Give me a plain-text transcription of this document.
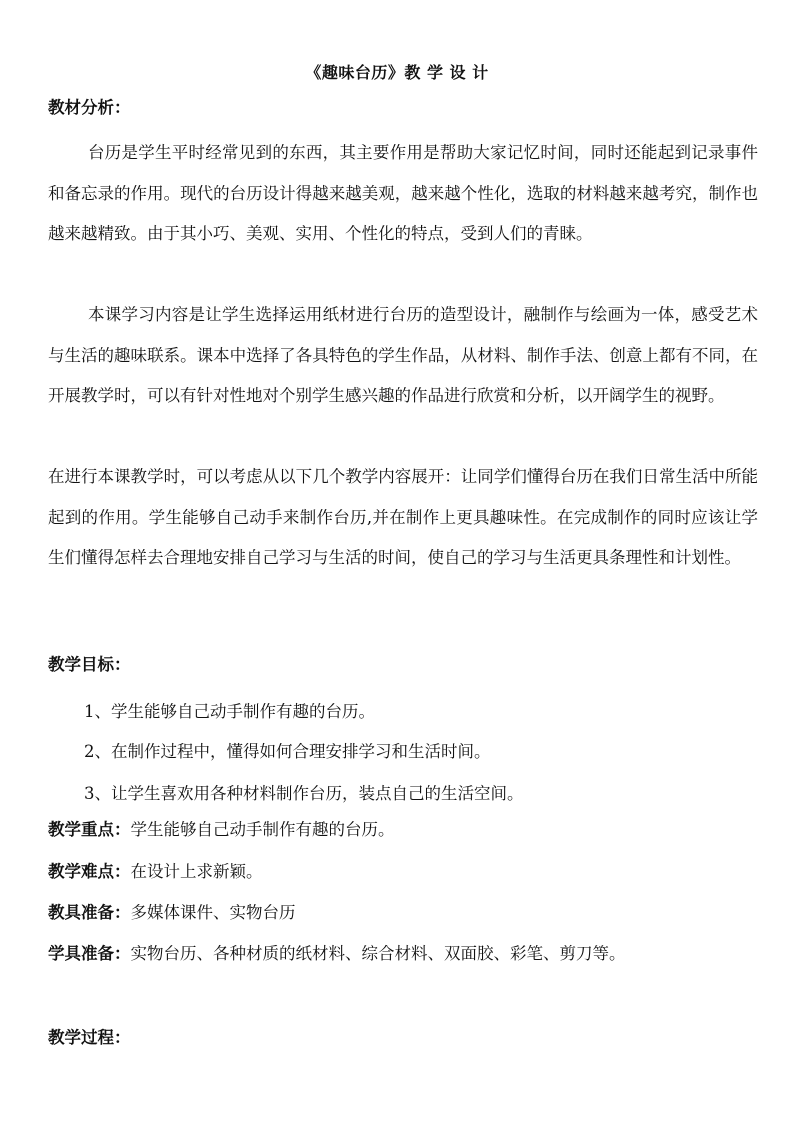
《趣味台历》教 学 设 计
教材分析：
台历是学生平时经常见到的东西，其主要作用是帮助大家记忆时间，同时还能起到记录事件和备忘录的作用。现代的台历设计得越来越美观，越来越个性化，选取的材料越来越考究，制作也越来越精致。由于其小巧、美观、实用、个性化的特点，受到人们的青睐。
本课学习内容是让学生选择运用纸材进行台历的造型设计，融制作与绘画为一体，感受艺术与生活的趣味联系。课本中选择了各具特色的学生作品，从材料、制作手法、创意上都有不同，在开展教学时，可以有针对性地对个别学生感兴趣的作品进行欣赏和分析，以开阔学生的视野。
在进行本课教学时，可以考虑从以下几个教学内容展开：让同学们懂得台历在我们日常生活中所能起到的作用。学生能够自己动手来制作台历,并在制作上更具趣味性。在完成制作的同时应该让学生们懂得怎样去合理地安排自己学习与生活的时间，使自己的学习与生活更具条理性和计划性。
教学目标：
1、学生能够自己动手制作有趣的台历。
2、在制作过程中，懂得如何合理安排学习和生活时间。
3、让学生喜欢用各种材料制作台历，装点自己的生活空间。
教学重点：学生能够自己动手制作有趣的台历。
教学难点：在设计上求新颖。
教具准备：多媒体课件、实物台历
学具准备：实物台历、各种材质的纸材料、综合材料、双面胶、彩笔、剪刀等。
教学过程：
